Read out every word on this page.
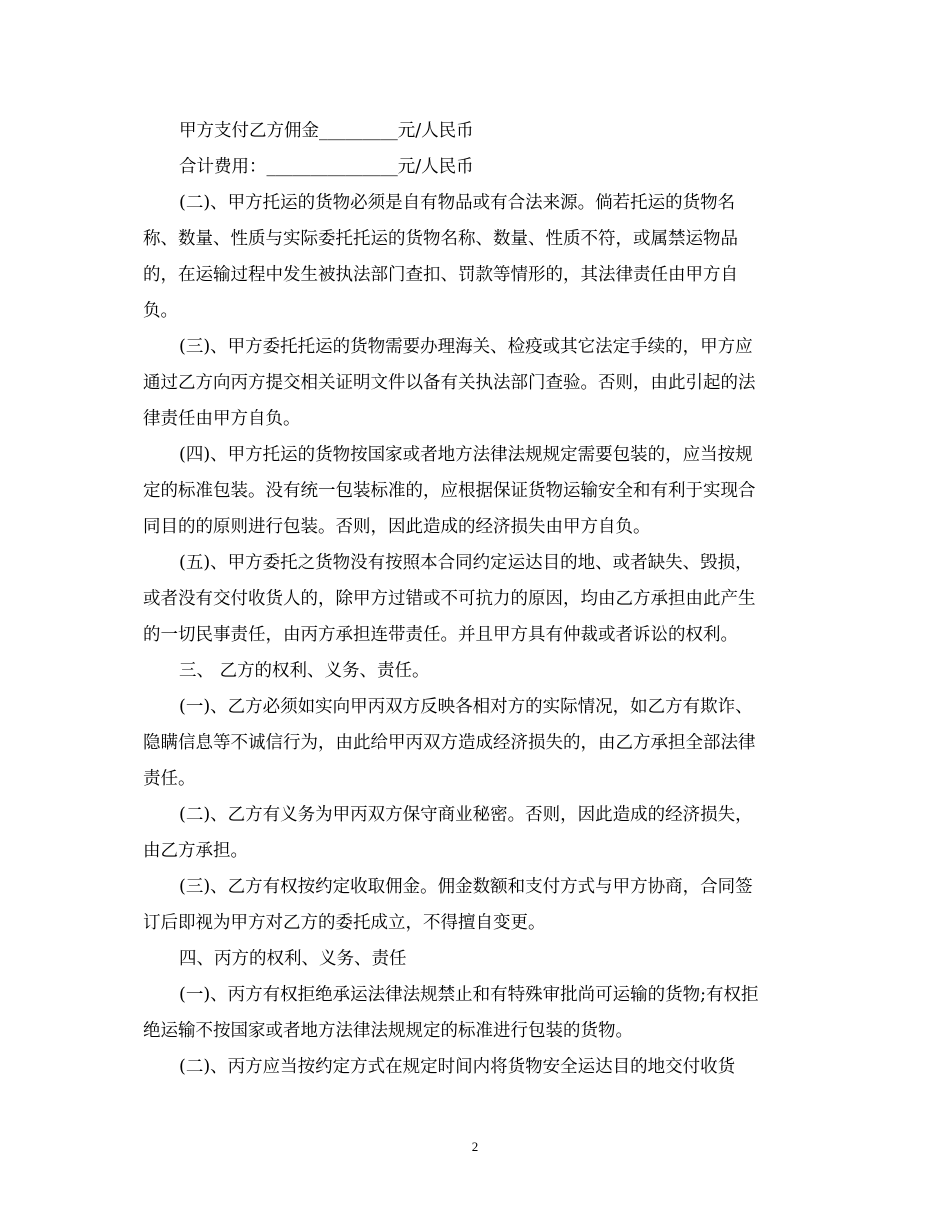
甲方支付乙方佣金_________元/人民币
合计费用：_______________元/人民币
(二)、甲方托运的货物必须是自有物品或有合法来源。倘若托运的货物名
称、数量、性质与实际委托托运的货物名称、数量、性质不符，或属禁运物品
的，在运输过程中发生被执法部门查扣、罚款等情形的，其法律责任由甲方自
负。
(三)、甲方委托托运的货物需要办理海关、检疫或其它法定手续的，甲方应
通过乙方向丙方提交相关证明文件以备有关执法部门查验。否则，由此引起的法
律责任由甲方自负。
(四)、甲方托运的货物按国家或者地方法律法规规定需要包装的，应当按规
定的标准包装。没有统一包装标准的，应根据保证货物运输安全和有利于实现合
同目的的原则进行包装。否则，因此造成的经济损失由甲方自负。
(五)、甲方委托之货物没有按照本合同约定运达目的地、或者缺失、毁损，
或者没有交付收货人的，除甲方过错或不可抗力的原因，均由乙方承担由此产生
的一切民事责任，由丙方承担连带责任。并且甲方具有仲裁或者诉讼的权利。
三、 乙方的权利、义务、责任。
(一)、乙方必须如实向甲丙双方反映各相对方的实际情况，如乙方有欺诈、
隐瞒信息等不诚信行为，由此给甲丙双方造成经济损失的，由乙方承担全部法律
责任。
(二)、乙方有义务为甲丙双方保守商业秘密。否则，因此造成的经济损失，
由乙方承担。
(三)、乙方有权按约定收取佣金。佣金数额和支付方式与甲方协商，合同签
订后即视为甲方对乙方的委托成立，不得擅自变更。
四、丙方的权利、义务、责任
(一)、丙方有权拒绝承运法律法规禁止和有特殊审批尚可运输的货物;有权拒
绝运输不按国家或者地方法律法规规定的标准进行包装的货物。
(二)、丙方应当按约定方式在规定时间内将货物安全运达目的地交付收货
2
